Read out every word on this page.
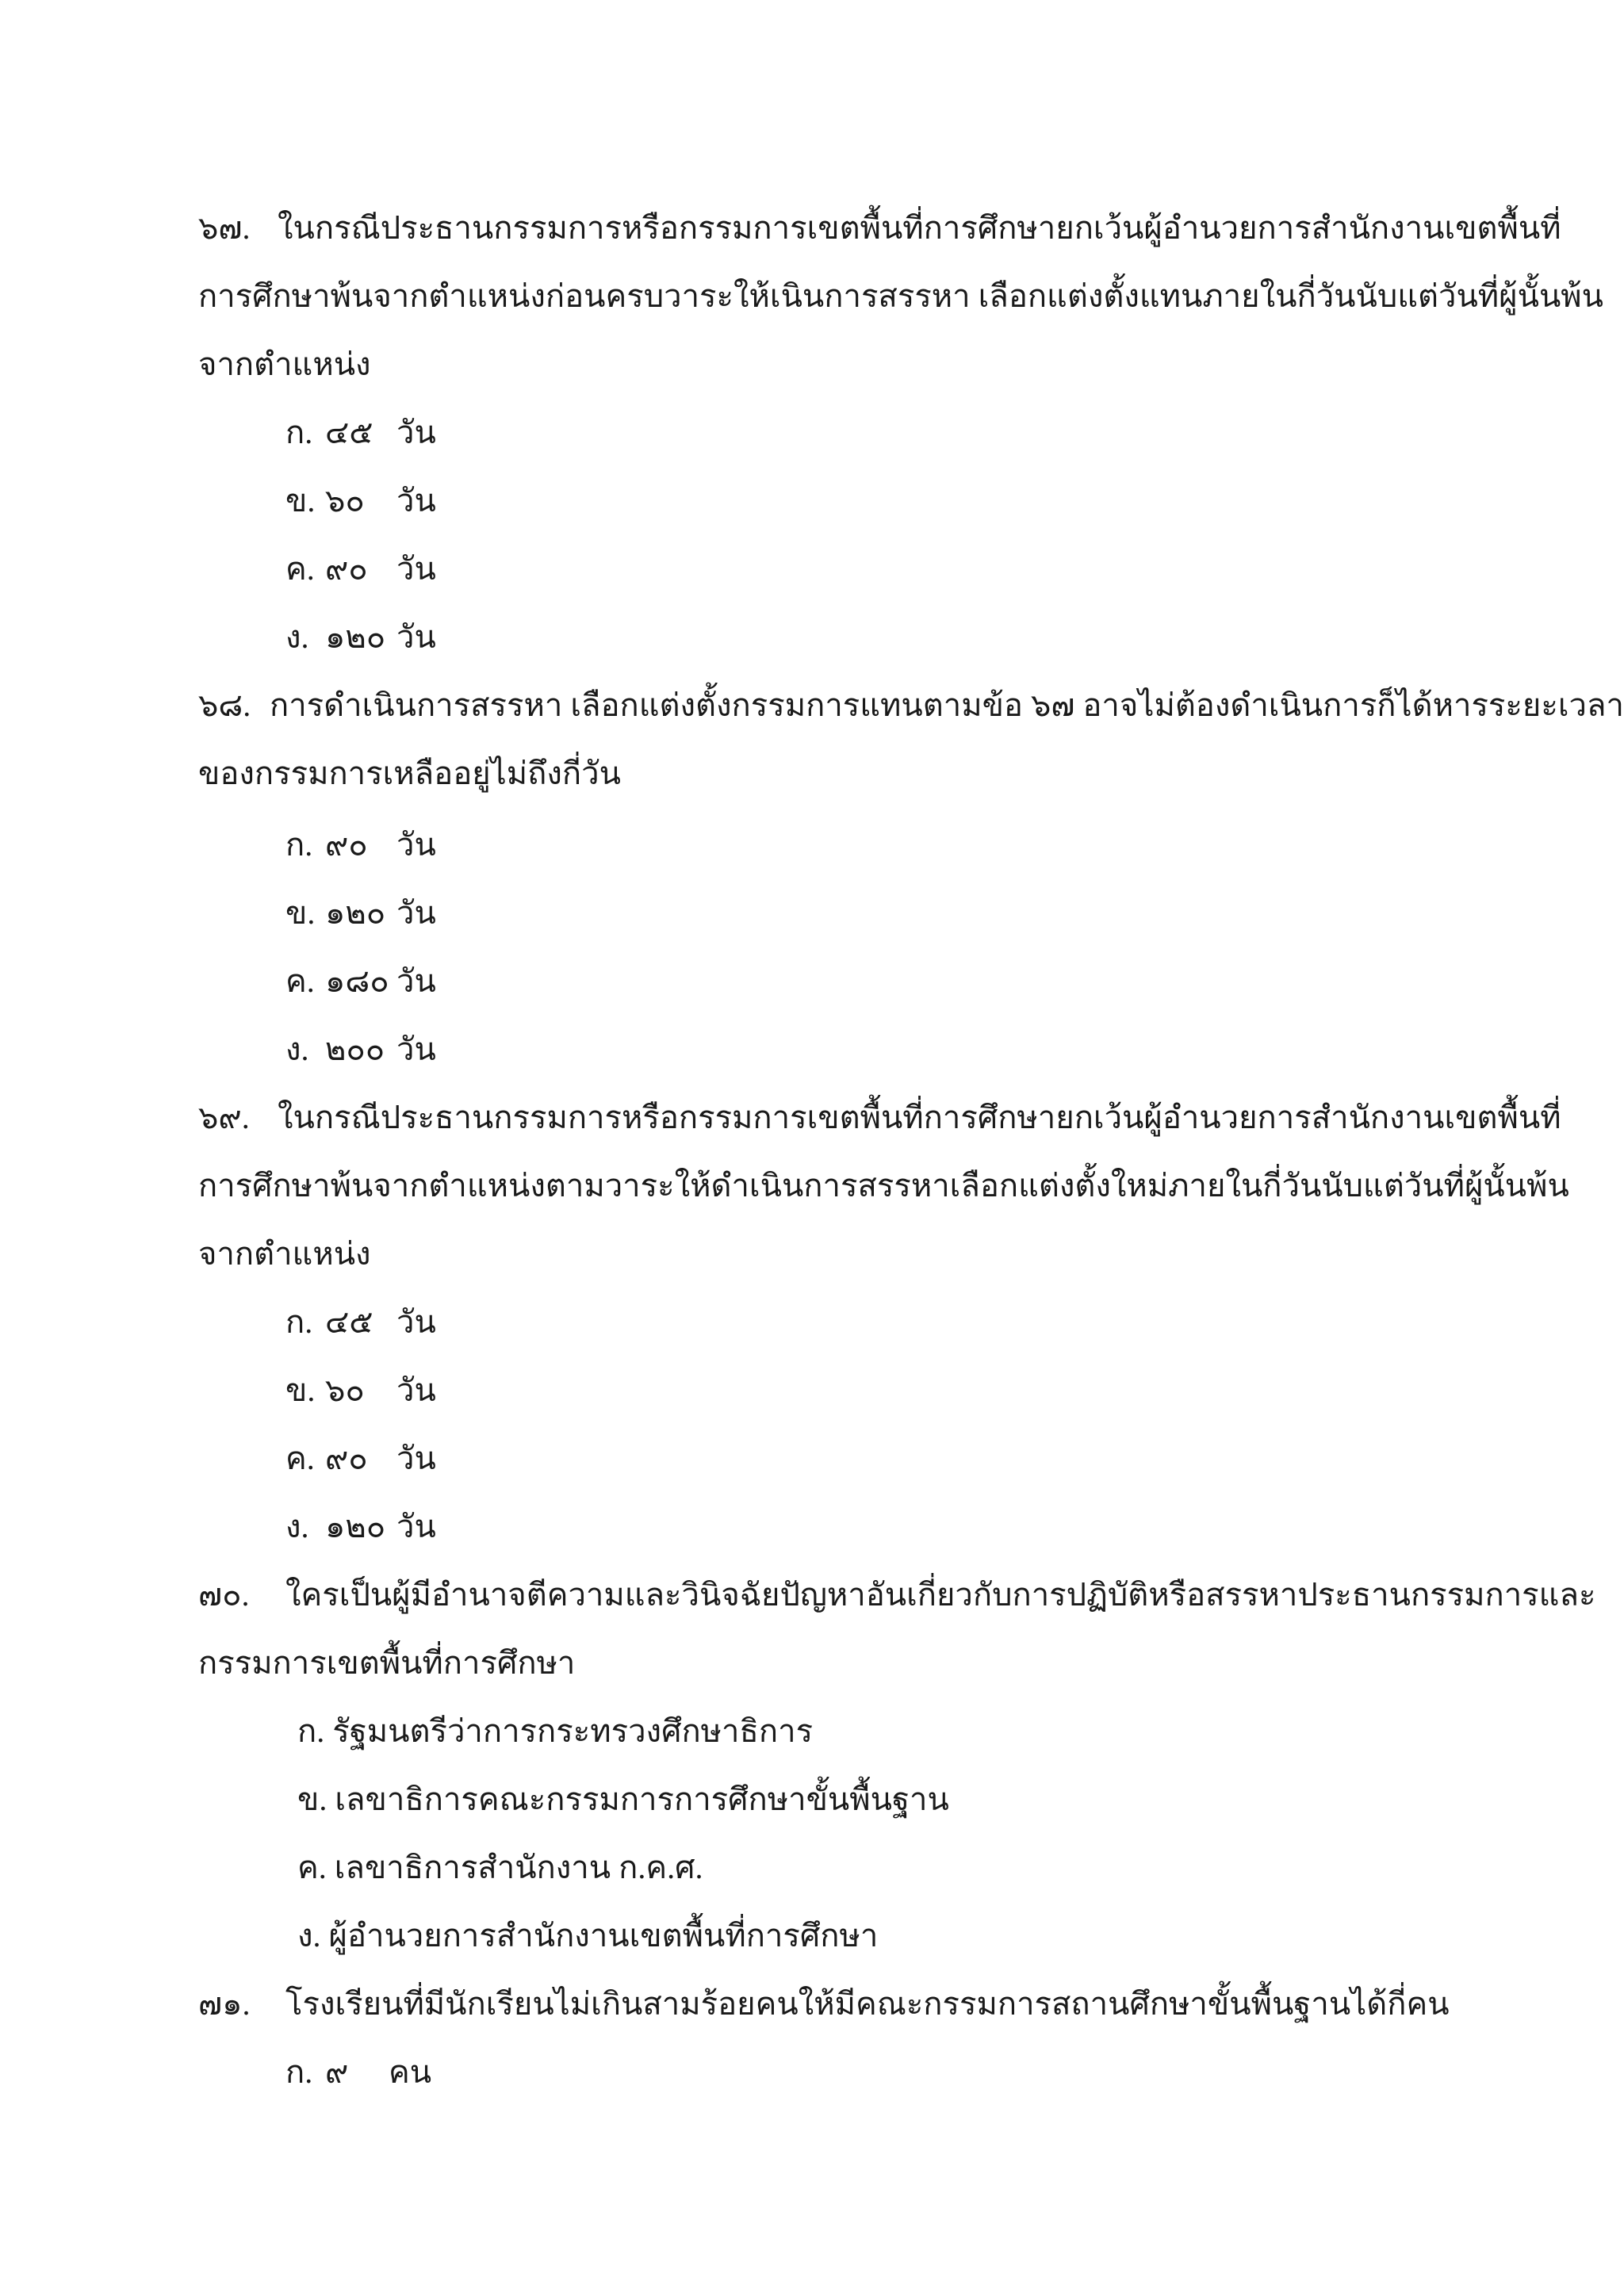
๖๗. ในกรณีประธานกรรมการหรือกรรมการเขตพื้นที่การศึกษายกเว้นผู้อำนวยการสำนักงานเขตพื้นที่
การศึกษาพ้นจากตำแหน่งก่อนครบวาระให้เนินการสรรหา เลือกแต่งตั้งแทนภายในกี่วันนับแต่วันที่ผู้นั้นพ้น
จากตำแหน่ง
ก. ๔๕ วัน
ข. ๖๐ วัน
ค. ๙๐ วัน
ง. ๑๒๐ วัน
๖๘. การดำเนินการสรรหา เลือกแต่งตั้งกรรมการแทนตามข้อ ๖๗ อาจไม่ต้องดำเนินการก็ได้หารระยะเวลา
ของกรรมการเหลืออยู่ไม่ถึงกี่วัน
ก. ๙๐ วัน
ข. ๑๒๐ วัน
ค. ๑๘๐ วัน
ง. ๒๐๐ วัน
๖๙. ในกรณีประธานกรรมการหรือกรรมการเขตพื้นที่การศึกษายกเว้นผู้อำนวยการสำนักงานเขตพื้นที่
การศึกษาพ้นจากตำแหน่งตามวาระให้ดำเนินการสรรหาเลือกแต่งตั้งใหม่ภายในกี่วันนับแต่วันที่ผู้นั้นพ้น
จากตำแหน่ง
ก. ๔๕ วัน
ข. ๖๐ วัน
ค. ๙๐ วัน
ง. ๑๒๐ วัน
๗๐. ใครเป็นผู้มีอำนาจตีความและวินิจฉัยปัญหาอันเกี่ยวกับการปฏิบัติหรือสรรหาประธานกรรมการและ
กรรมการเขตพื้นที่การศึกษา
ก. รัฐมนตรีว่าการกระทรวงศึกษาธิการ
ข. เลขาธิการคณะกรรมการการศึกษาขั้นพื้นฐาน
ค. เลขาธิการสำนักงาน ก.ค.ศ.
ง. ผู้อำนวยการสำนักงานเขตพื้นที่การศึกษา
๗๑. โรงเรียนที่มีนักเรียนไม่เกินสามร้อยคนให้มีคณะกรรมการสถานศึกษาขั้นพื้นฐานได้กี่คน
ก. ๙ คน
